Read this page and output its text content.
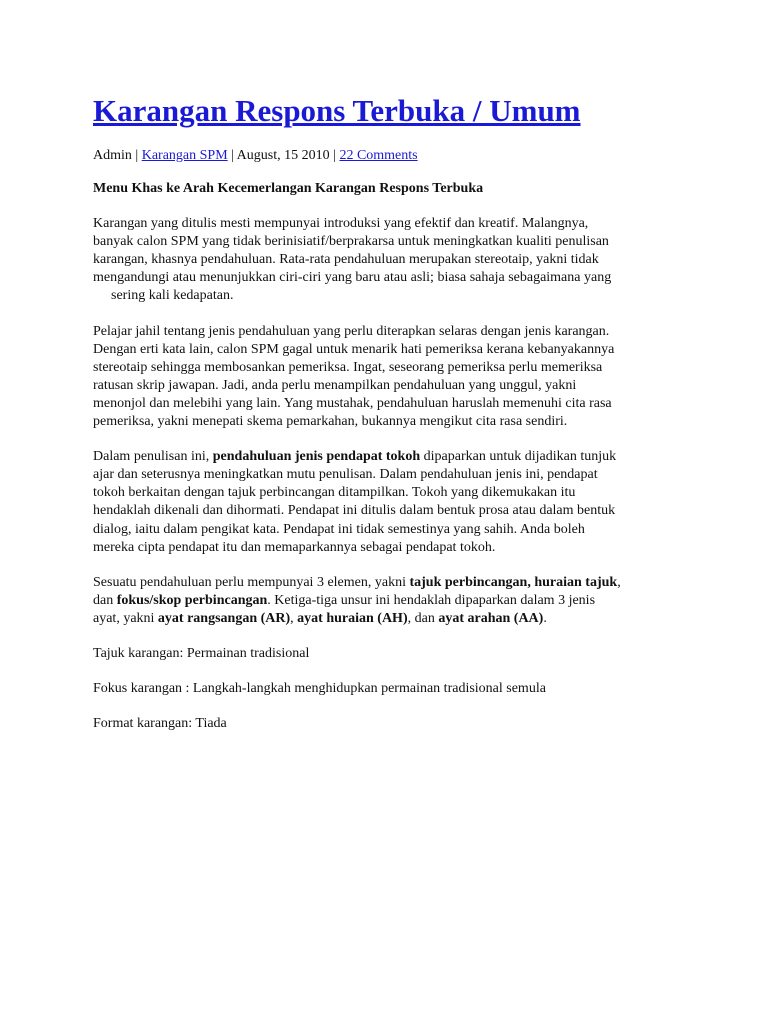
Karangan Respons Terbuka / Umum
Admin | Karangan SPM | August, 15 2010 | 22 Comments

Menu Khas ke Arah Kecemerlangan Karangan Respons Terbuka

Karangan yang ditulis mesti mempunyai introduksi yang efektif dan kreatif. Malangnya,
banyak calon SPM yang tidak berinisiatif/berprakarsa untuk meningkatkan kualiti penulisan
karangan, khasnya pendahuluan. Rata-rata pendahuluan merupakan stereotaip, yakni tidak
mengandungi atau menunjukkan ciri-ciri yang baru atau asli; biasa sahaja sebagaimana yang
sering kali kedapatan.

Pelajar jahil tentang jenis pendahuluan yang perlu diterapkan selaras dengan jenis karangan.
Dengan erti kata lain, calon SPM gagal untuk menarik hati pemeriksa kerana kebanyakannya
stereotaip sehingga membosankan pemeriksa. Ingat, seseorang pemeriksa perlu memeriksa
ratusan skrip jawapan. Jadi, anda perlu menampilkan pendahuluan yang unggul, yakni
menonjol dan melebihi yang lain. Yang mustahak, pendahuluan haruslah memenuhi cita rasa
pemeriksa, yakni menepati skema pemarkahan, bukannya mengikut cita rasa sendiri.

Dalam penulisan ini, pendahuluan jenis pendapat tokoh dipaparkan untuk dijadikan tunjuk
ajar dan seterusnya meningkatkan mutu penulisan. Dalam pendahuluan jenis ini, pendapat
tokoh berkaitan dengan tajuk perbincangan ditampilkan. Tokoh yang dikemukakan itu
hendaklah dikenali dan dihormati. Pendapat ini ditulis dalam bentuk prosa atau dalam bentuk
dialog, iaitu dalam pengikat kata. Pendapat ini tidak semestinya yang sahih. Anda boleh
mereka cipta pendapat itu dan memaparkannya sebagai pendapat tokoh.

Sesuatu pendahuluan perlu mempunyai 3 elemen, yakni tajuk perbincangan, huraian tajuk,
dan fokus/skop perbincangan. Ketiga-tiga unsur ini hendaklah dipaparkan dalam 3 jenis
ayat, yakni ayat rangsangan (AR), ayat huraian (AH), dan ayat arahan (AA).

Tajuk karangan: Permainan tradisional

Fokus karangan : Langkah-langkah menghidupkan permainan tradisional semula

Format karangan: Tiada
